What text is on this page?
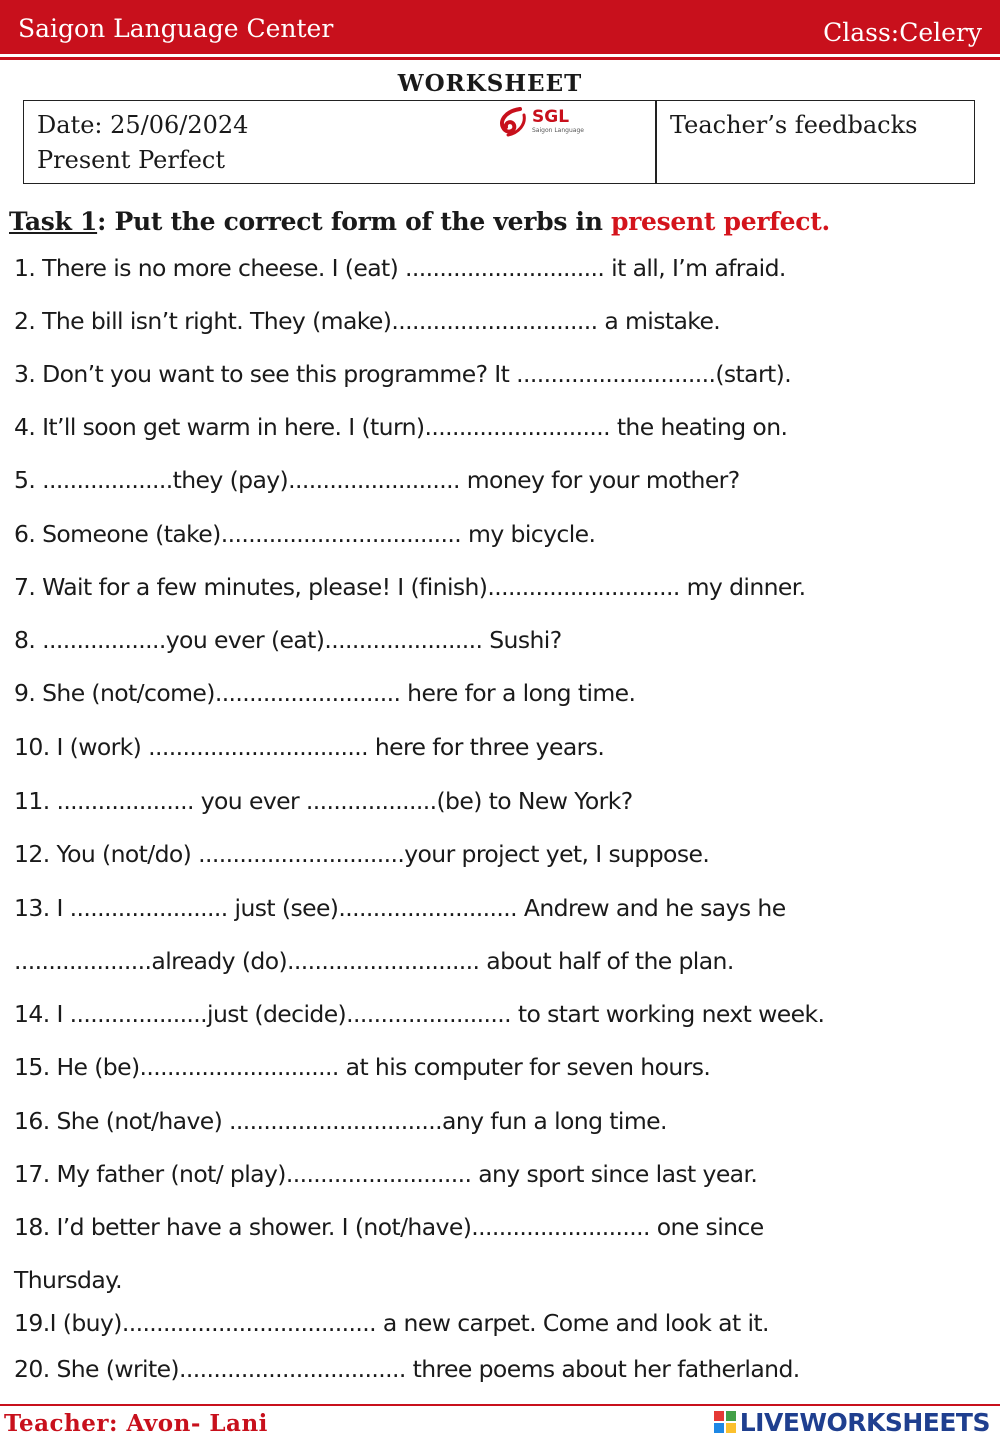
Saigon Language Center	Class:Celery
WORKSHEET
Date: 25/06/2024
Present Perfect
SGL
Saigon Language	Teacher’s feedbacks
Task 1: Put the correct form of the verbs in present perfect.
1. There is no more cheese. I (eat) ............................. it all, I’m afraid.
2. The bill isn’t right. They (make).............................. a mistake.
3. Don’t you want to see this programme? It .............................(start).
4. It’ll soon get warm in here. I (turn)........................... the heating on.
5. ...................they (pay)......................... money for your mother?
6. Someone (take)................................... my bicycle.
7. Wait for a few minutes, please! I (finish)............................ my dinner.
8. ..................you ever (eat)....................... Sushi?
9. She (not/come)........................... here for a long time.
10. I (work) ................................ here for three years.
11. .................... you ever ...................(be) to New York?
12. You (not/do) ..............................your project yet, I suppose.
13. I ....................... just (see).......................... Andrew and he says he
....................already (do)............................ about half of the plan.
14. I ....................just (decide)........................ to start working next week.
15. He (be)............................. at his computer for seven hours.
16. She (not/have) ...............................any fun a long time.
17. My father (not/ play)........................... any sport since last year.
18. I’d better have a shower. I (not/have).......................... one since
Thursday.
19.I (buy)..................................... a new carpet. Come and look at it.
20. She (write)................................. three poems about her fatherland.
Teacher: Avon- Lani	LIVEWORKSHEETS
